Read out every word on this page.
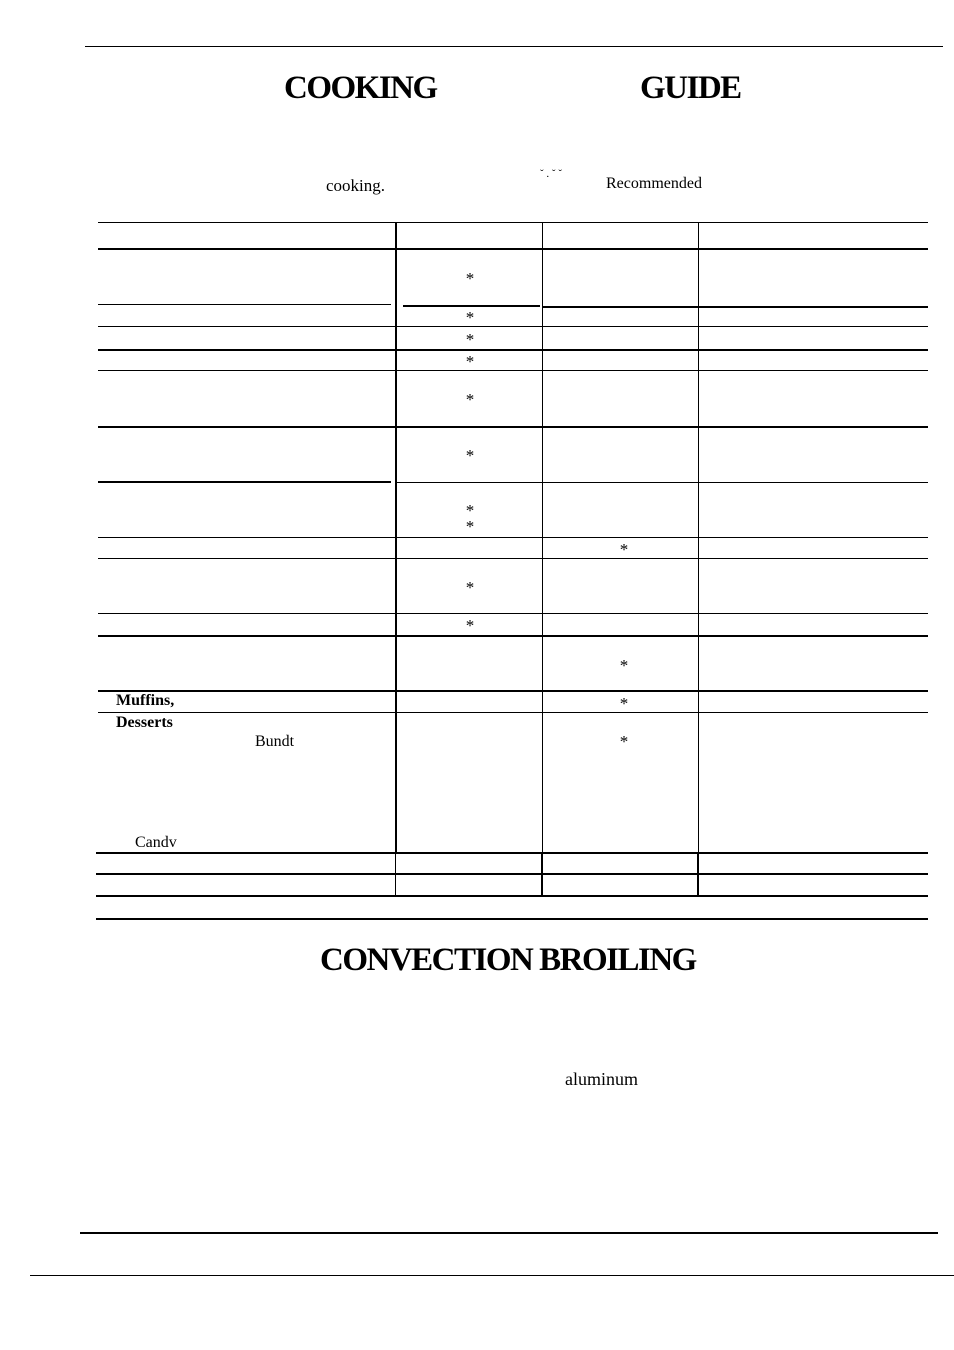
COOKING	GUIDE
cooking.
ˇ . ˇ ˇ
Recommended
*
*
*
*
*
*
*
*
*
*
*
*
*
*
Muffins,
Desserts
Bundt
Candv
CONVECTION BROILING
aluminum
